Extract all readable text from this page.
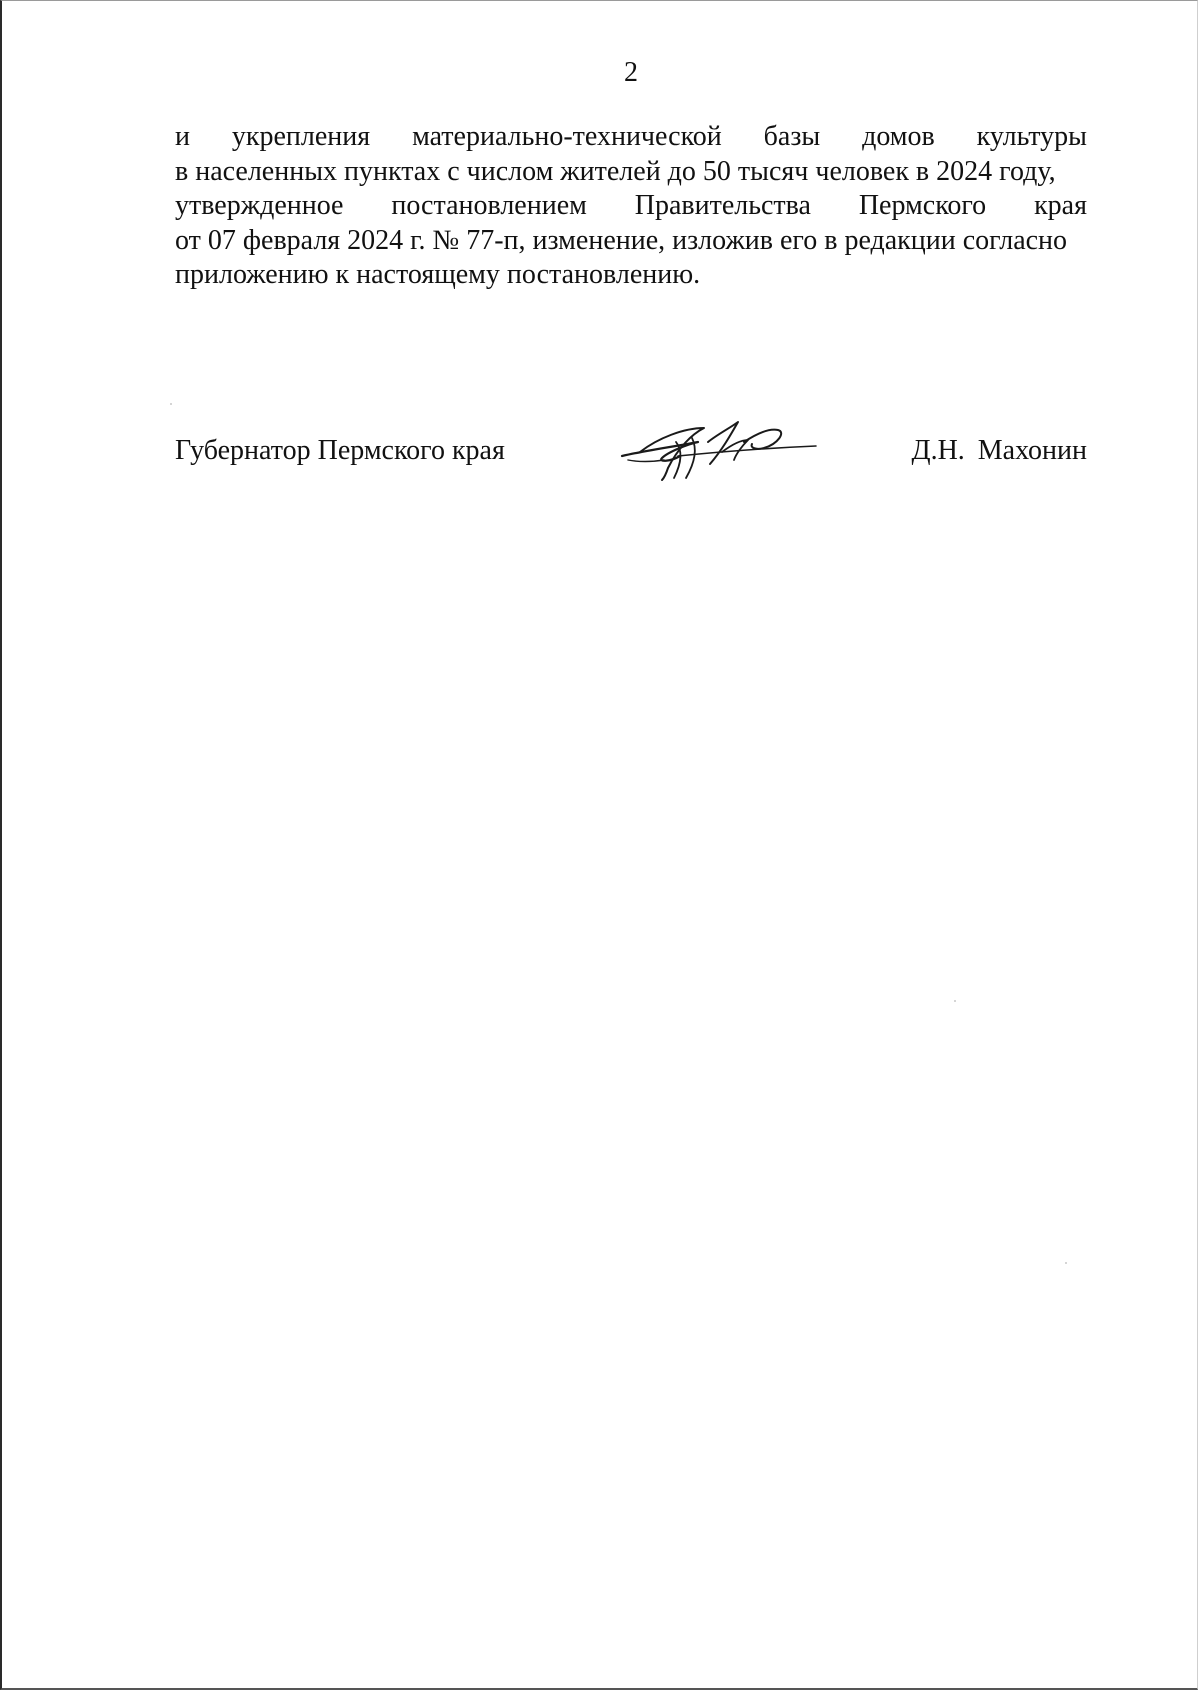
2
и укрепления материально-технической базы домов культуры
в населенных пунктах с числом жителей до 50 тысяч человек в 2024 году,
утвержденное постановлением Правительства Пермского края
от 07 февраля 2024 г. № 77-п, изменение, изложив его в редакции согласно
приложению к настоящему постановлению.
Губернатор Пермского края	Д.Н. Махонин
